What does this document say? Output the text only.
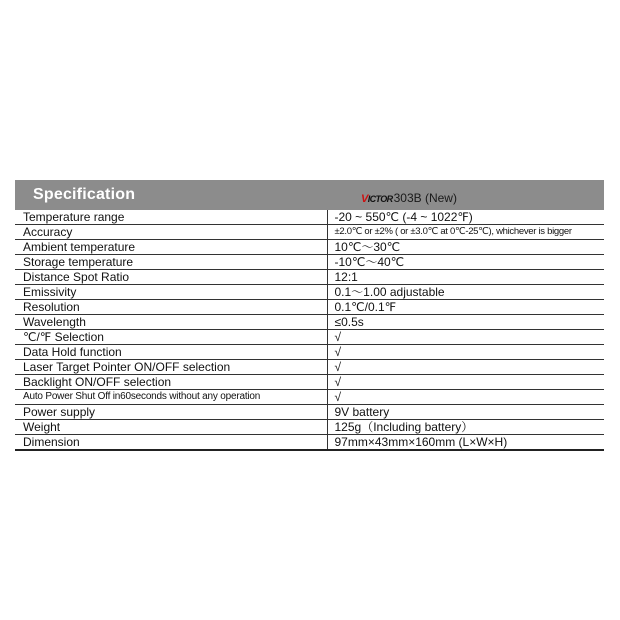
Specification	VICTOR303B (New)
Temperature range	-20 ~ 550℃ (-4 ~ 1022℉)
Accuracy	±2.0℃ or ±2% ( or ±3.0℃ at 0℃-25℃), whichever is bigger
Ambient temperature	10℃～30℃
Storage temperature	-10℃～40℃
Distance Spot Ratio	12:1
Emissivity	0.1～1.00 adjustable
Resolution	0.1℃/0.1℉
Wavelength	≤0.5s
℃/℉ Selection	√
Data Hold function	√
Laser Target Pointer ON/OFF selection	√
Backlight ON/OFF selection	√
Auto Power Shut Off in60seconds without any operation	√
Power supply	9V battery
Weight	125g（Including battery）
Dimension	97mm×43mm×160mm (L×W×H)
